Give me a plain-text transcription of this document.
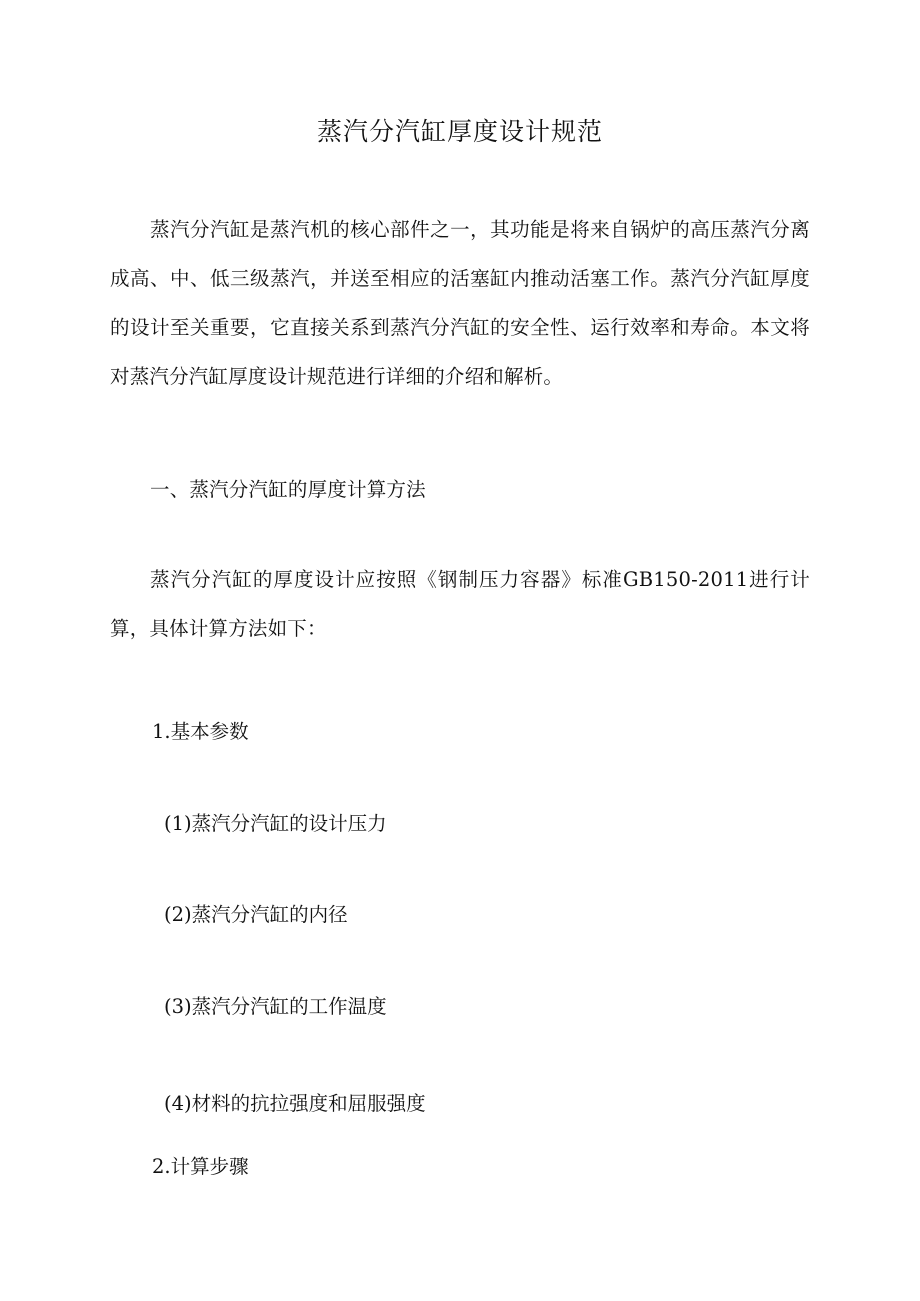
蒸汽分汽缸厚度设计规范

蒸汽分汽缸是蒸汽机的核心部件之一，其功能是将来自锅炉的高压蒸汽分离成高、中、低三级蒸汽，并送至相应的活塞缸内推动活塞工作。蒸汽分汽缸厚度的设计至关重要，它直接关系到蒸汽分汽缸的安全性、运行效率和寿命。本文将对蒸汽分汽缸厚度设计规范进行详细的介绍和解析。

一、蒸汽分汽缸的厚度计算方法

蒸汽分汽缸的厚度设计应按照《钢制压力容器》标准GB150-2011进行计算，具体计算方法如下：

1.基本参数

(1)蒸汽分汽缸的设计压力

(2)蒸汽分汽缸的内径

(3)蒸汽分汽缸的工作温度

(4)材料的抗拉强度和屈服强度

2.计算步骤
